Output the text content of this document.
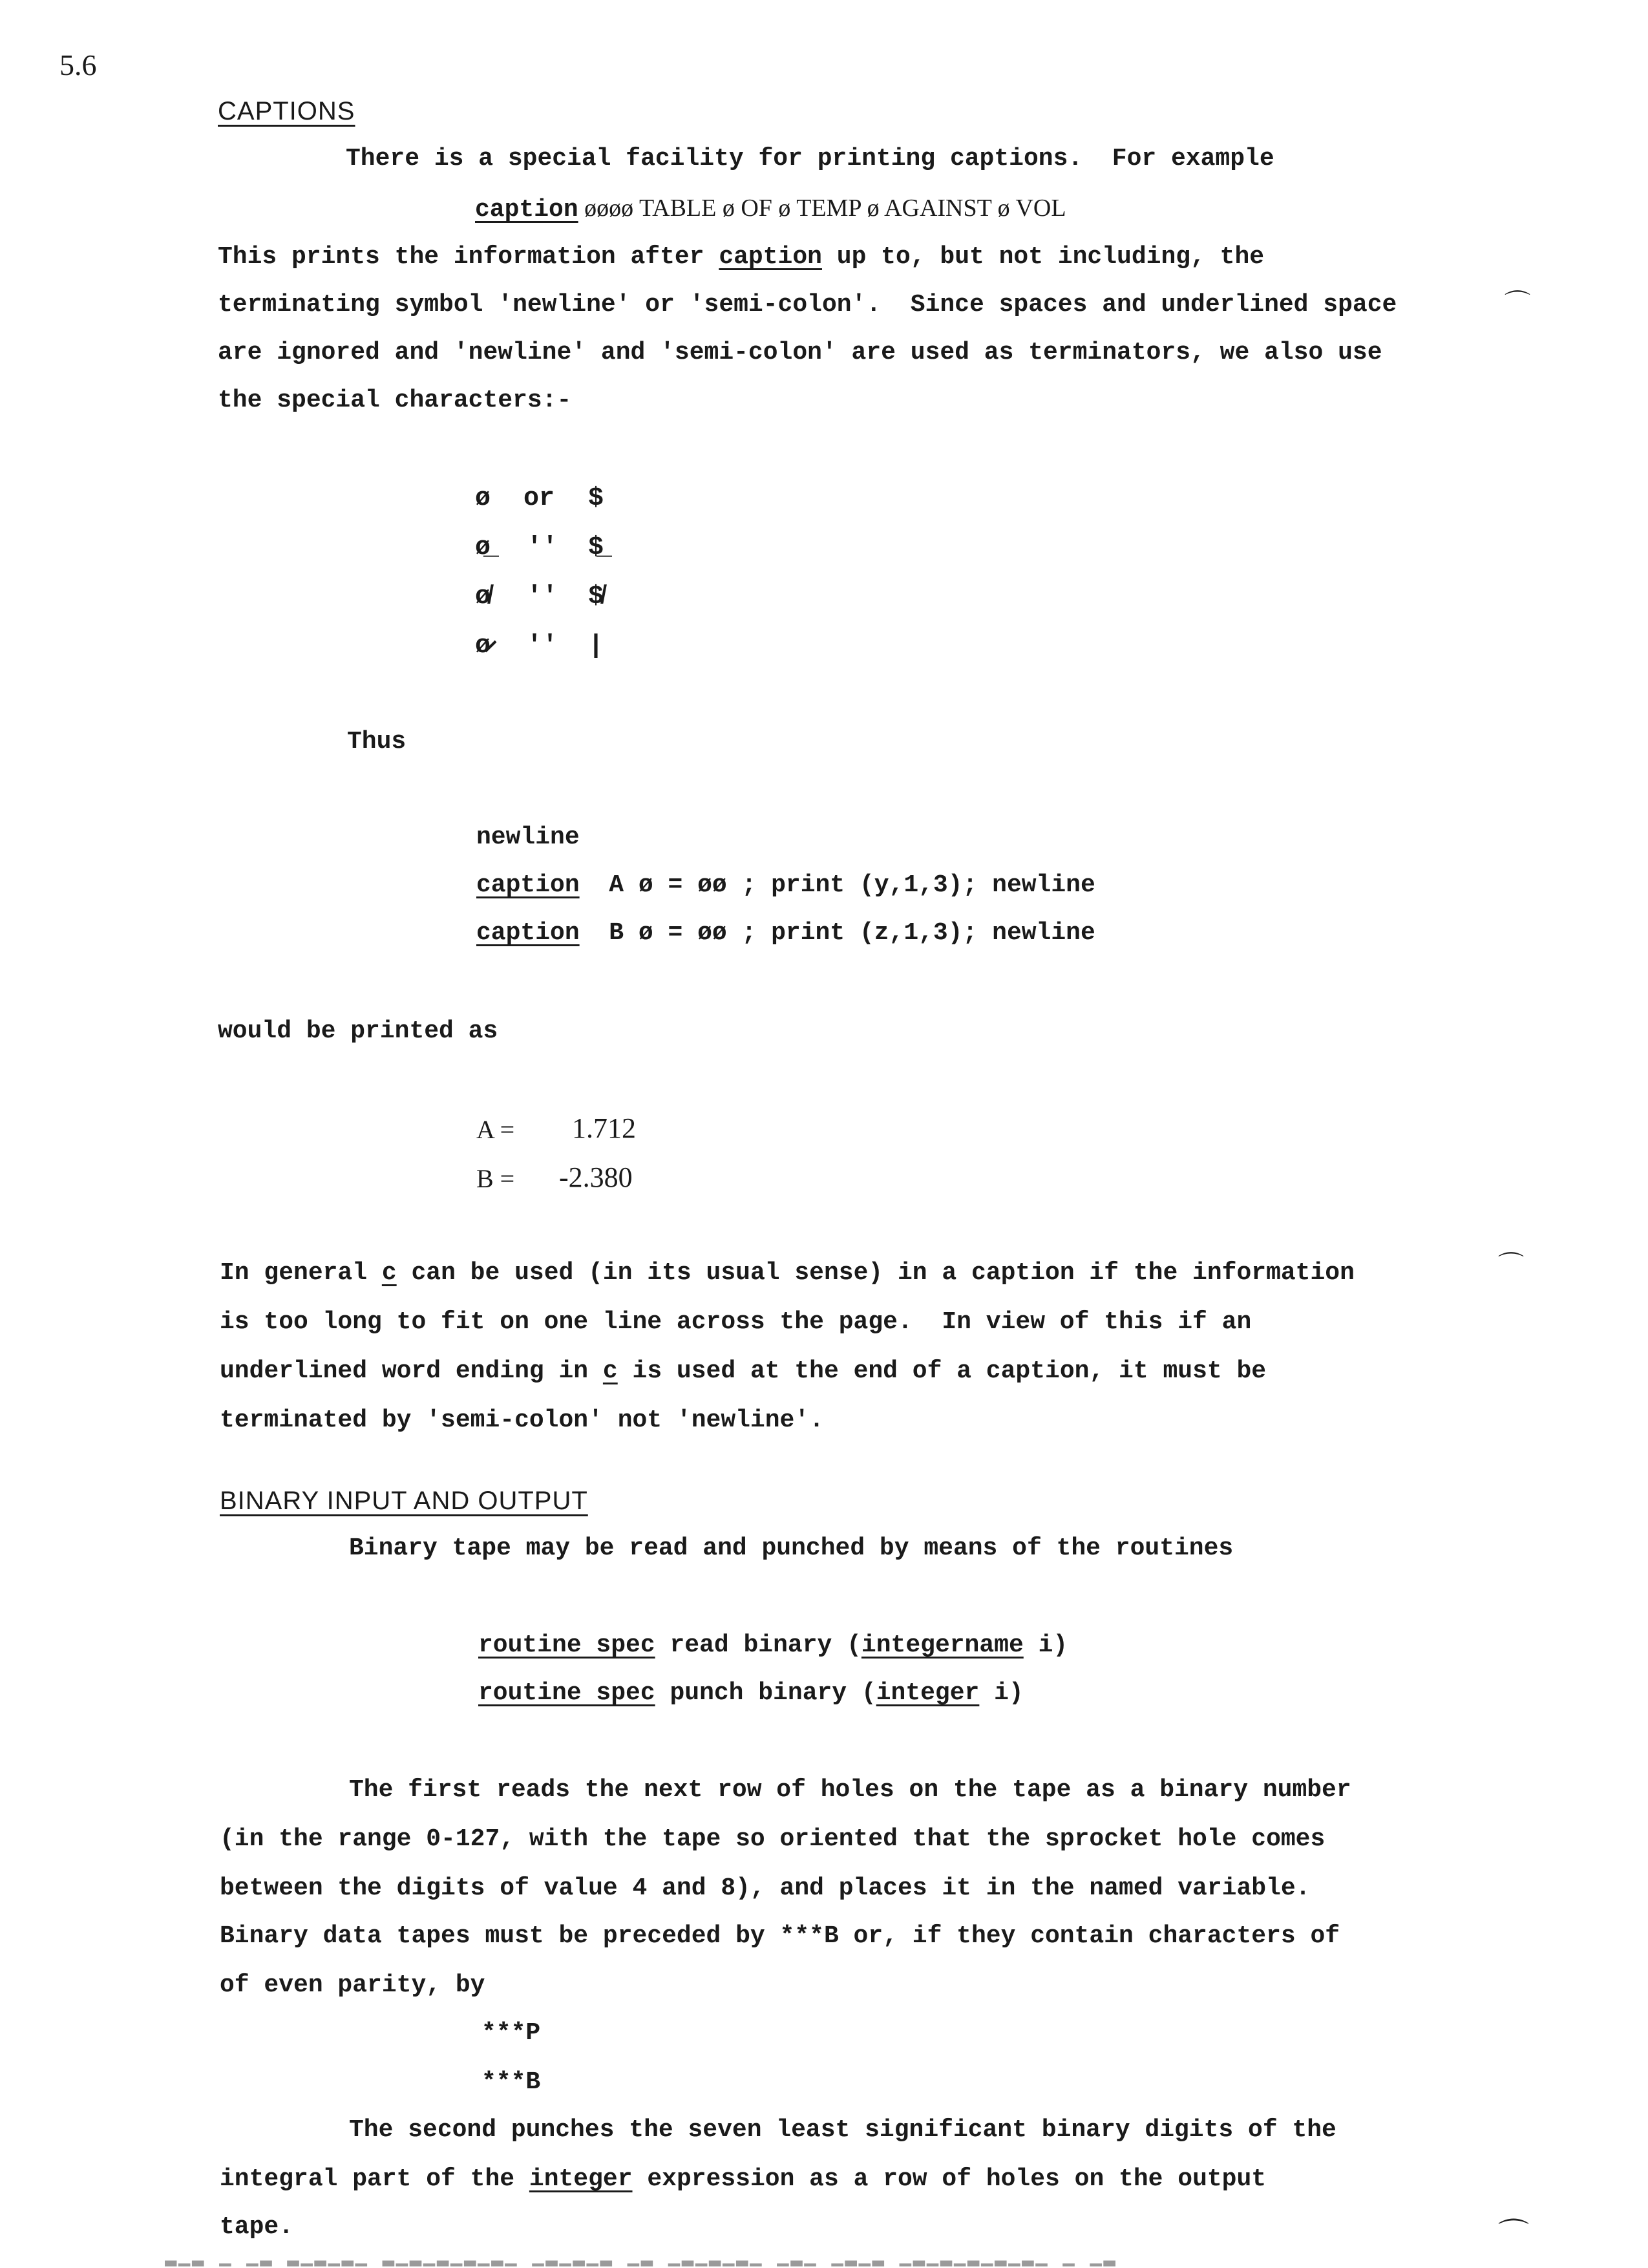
5.6
CAPTIONS
There is a special facility for printing captions.  For example
caption øøøø TABLE ø OF ø TEMP ø AGAINST ø VOL
This prints the information after caption up to, but not including, the
terminating symbol 'newline' or 'semi-colon'.  Since spaces and underlined space
are ignored and 'newline' and 'semi-colon' are used as terminators, we also use
the special characters:-
ø or $
ø̲ '' $̲
ø̸ '' $̸
ø̷ '' |
Thus
newline
caption  A ø = øø ; print (y,1,3); newline
caption  B ø = øø ; print (z,1,3); newline
would be printed as
A = 1.712
B = -2.380
In general c can be used (in its usual sense) in a caption if the information
is too long to fit on one line across the page.  In view of this if an
underlined word ending in c is used at the end of a caption, it must be
terminated by 'semi-colon' not 'newline'.
BINARY INPUT AND OUTPUT
Binary tape may be read and punched by means of the routines
routine spec read binary (integername i)
routine spec punch binary (integer i)
The first reads the next row of holes on the tape as a binary number
(in the range 0-127, with the tape so oriented that the sprocket hole comes
between the digits of value 4 and 8), and places it in the named variable.
Binary data tapes must be preceded by ***B or, if they contain characters of
of even parity, by
***P
***B
The second punches the seven least significant binary digits of the
integral part of the integer expression as a row of holes on the output
tape.
⌒
⌒
⌒
▂▁▂ ▁ ▁▂ ▂▁▂▁▂▁ ▂▁▂▁▂▁▂▁▂▁ ▁▂▁▂▁▂ ▁▂ ▁▂▁▂▁▂▁ ▁▂▁ ▁▂▁▂ ▁▂▁▂▁▂▁▂▁▂▁ ▁ ▁▂
